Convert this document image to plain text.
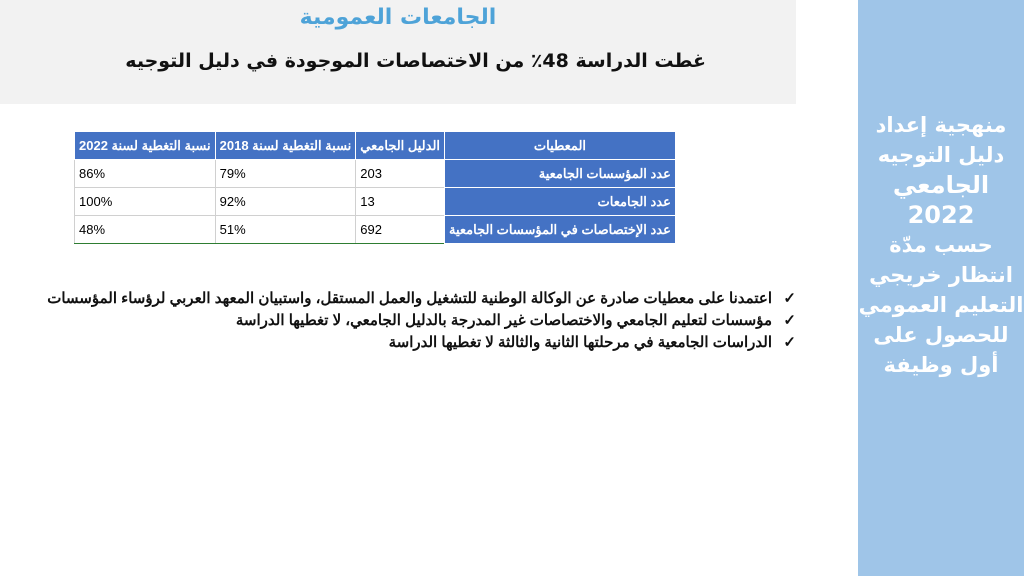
الجامعات العمومية
غطت الدراسة 48٪ من الاختصاصات الموجودة في دليل التوجيه
منهجية إعداد
دليل التوجيه
الجامعي 2022
حسب مدّة
انتظار خريجي
التعليم العمومي
للحصول على
أول وظيفة
المعطيات	الدليل الجامعي	نسبة التغطية لسنة 2018	نسبة التغطية لسنة 2022
عدد المؤسسات الجامعية	203	79%	86%
عدد الجامعات	13	92%	100%
عدد الإختصاصات في المؤسسات الجامعية	692	51%	48%
✓
اعتمدنا على معطيات صادرة عن الوكالة الوطنية للتشغيل والعمل المستقل، واستبيان المعهد العربي لرؤساء المؤسسات
✓
مؤسسات لتعليم الجامعي والاختصاصات غير المدرجة بالدليل الجامعي، لا تغطيها الدراسة
✓
الدراسات الجامعية في مرحلتها الثانية والثالثة لا تغطيها الدراسة
